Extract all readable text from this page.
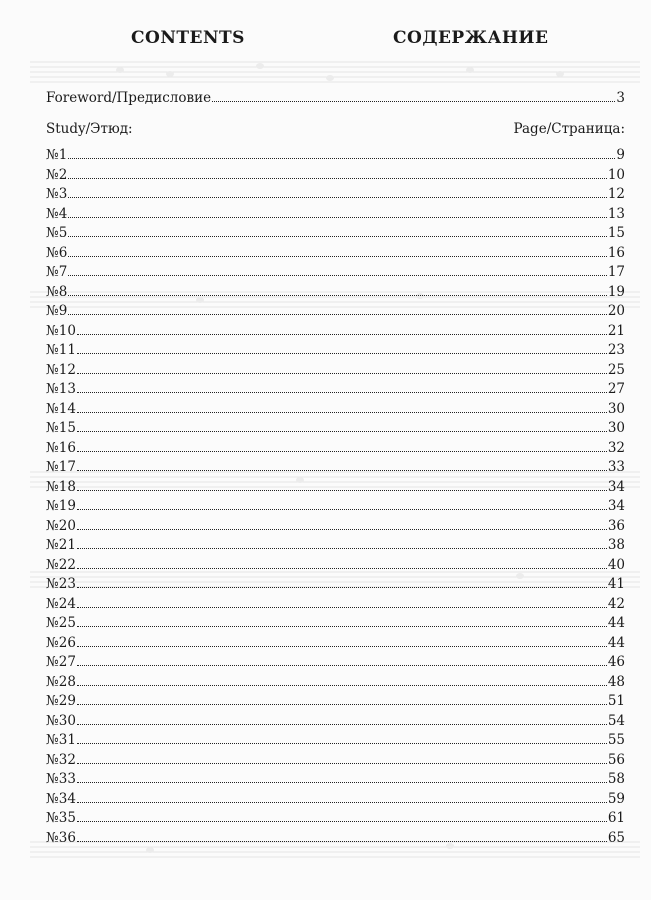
CONTENTS	СОДЕРЖАНИЕ
Foreword/Предисловие	3
Study/Этюд:	Page/Страница:
№1	9
№2	10
№3	12
№4	13
№5	15
№6	16
№7	17
№8	19
№9	20
№10	21
№11	23
№12	25
№13	27
№14	30
№15	30
№16	32
№17	33
№18	34
№19	34
№20	36
№21	38
№22	40
№23	41
№24	42
№25	44
№26	44
№27	46
№28	48
№29	51
№30	54
№31	55
№32	56
№33	58
№34	59
№35	61
№36	65
